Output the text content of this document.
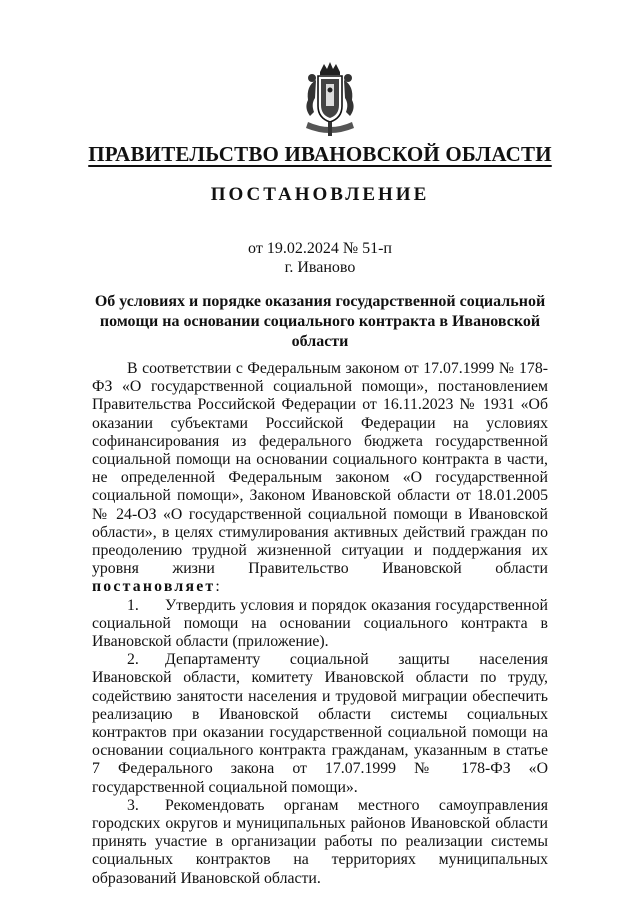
ПРАВИТЕЛЬСТВО ИВАНОВСКОЙ ОБЛАСТИ
ПОСТАНОВЛЕНИЕ
от 19.02.2024 № 51-п
г. Иваново
Об условиях и порядке оказания государственной социальной
помощи на основании социального контракта в Ивановской области

В соответствии с Федеральным законом от 17.07.1999 № 178-ФЗ «О государственной социальной помощи», постановлением Правительства Российской Федерации от 16.11.2023 № 1931 «Об оказании субъектами Российской Федерации на условиях софинансирования из федерального бюджета государственной социальной помощи на основании социального контракта в части, не определенной Федеральным законом «О государственной социальной помощи», Законом Ивановской области от 18.01.2005 № 24-ОЗ «О государственной социальной помощи в Ивановской области», в целях стимулирования активных действий граждан по преодолению трудной жизненной ситуации и поддержания их уровня жизни Правительство Ивановской области постановляет:

1. Утвердить условия и порядок оказания государственной социальной помощи на основании социального контракта в Ивановской области (приложение).

2. Департаменту социальной защиты населения Ивановской области, комитету Ивановской области по труду, содействию занятости населения и трудовой миграции обеспечить реализацию в Ивановской области системы социальных контрактов при оказании государственной социальной помощи на основании социального контракта гражданам, указанным в статье 7 Федерального закона от 17.07.1999 № 178-ФЗ «О государственной социальной помощи».

3. Рекомендовать органам местного самоуправления городских округов и муниципальных районов Ивановской области принять участие в организации работы по реализации системы социальных контрактов на территориях муниципальных образований Ивановской области.
